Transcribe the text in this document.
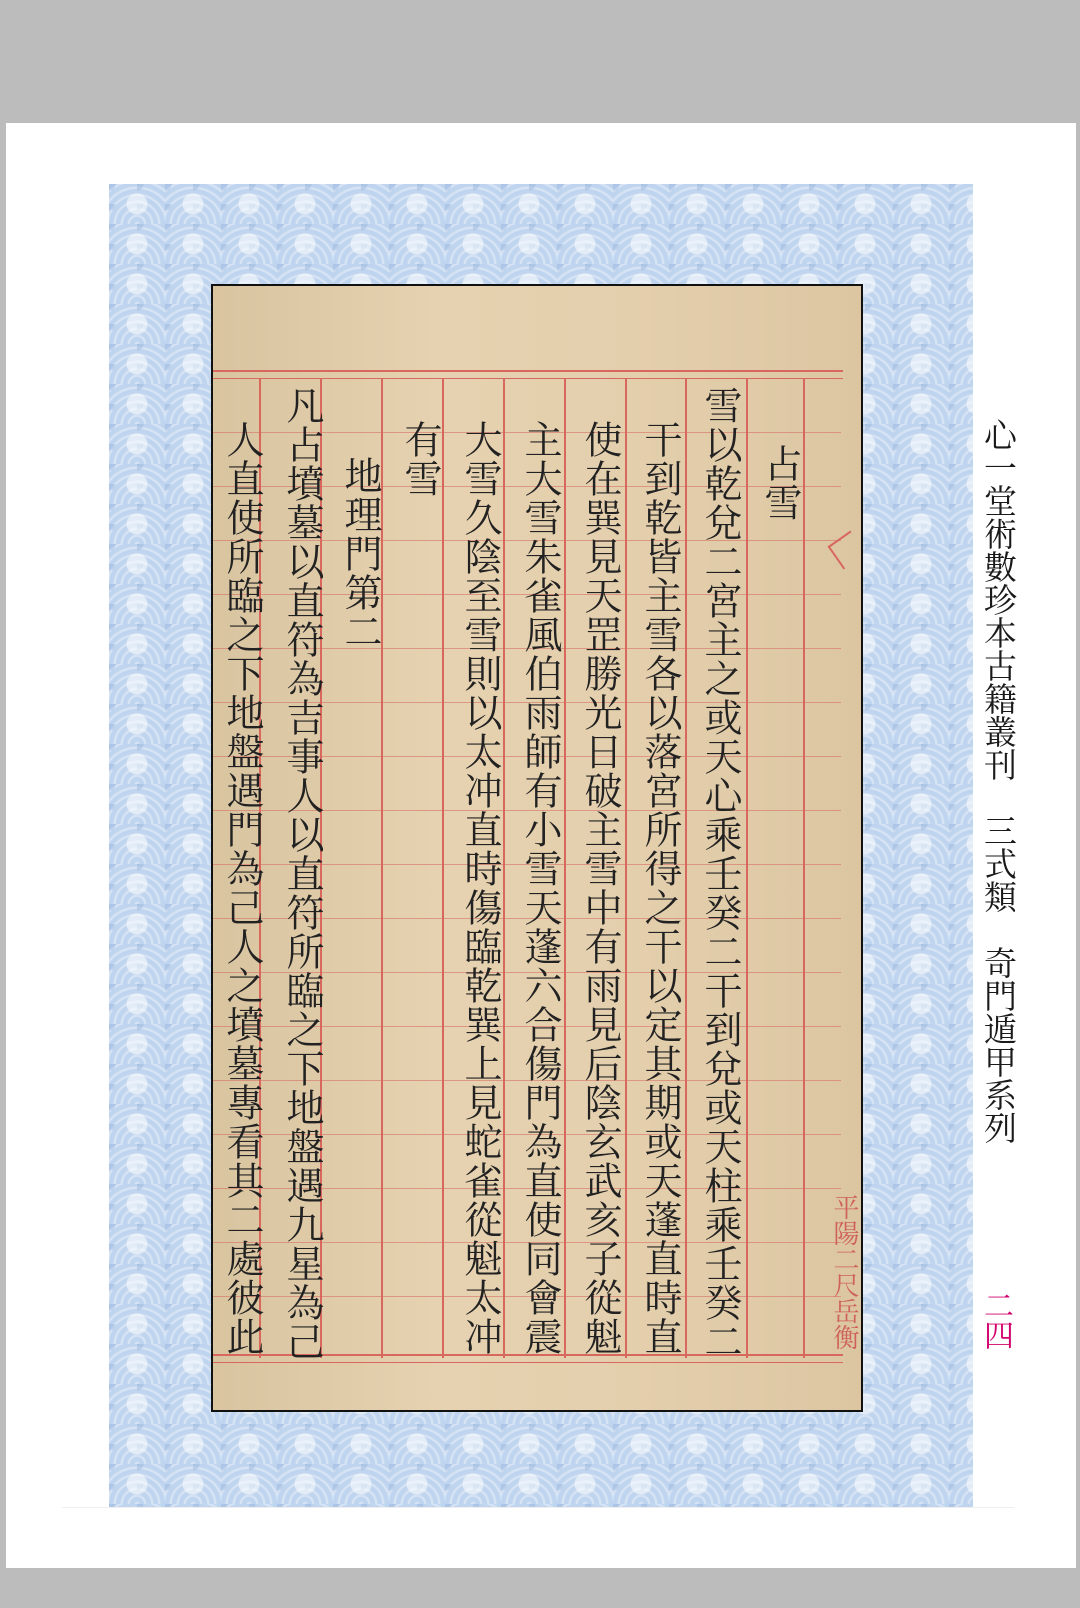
占雪
雪以乾兌二宮主之或天心乘壬癸二干到兌或天柱乘壬癸二
干到乾皆主雪各以落宮所得之干以定其期或天蓬直時直
使在巽見天罡勝光日破主雪中有雨見后陰玄武亥子從魁
主大雪朱雀風伯雨師有小雪天蓬六合傷門為直使同會震
大雪久陰至雪則以太冲直時傷臨乾巽上見蛇雀從魁太冲
有雪
地理門第二
凡占墳墓以直符為吉事人以直符所臨之下地盤遇九星為己
人直使所臨之下地盤遇門為己人之墳墓專看其二處彼此	平陽二尺岳衡
心一堂術數珍本古籍叢刊　三式類　奇門遁甲系列
二四
